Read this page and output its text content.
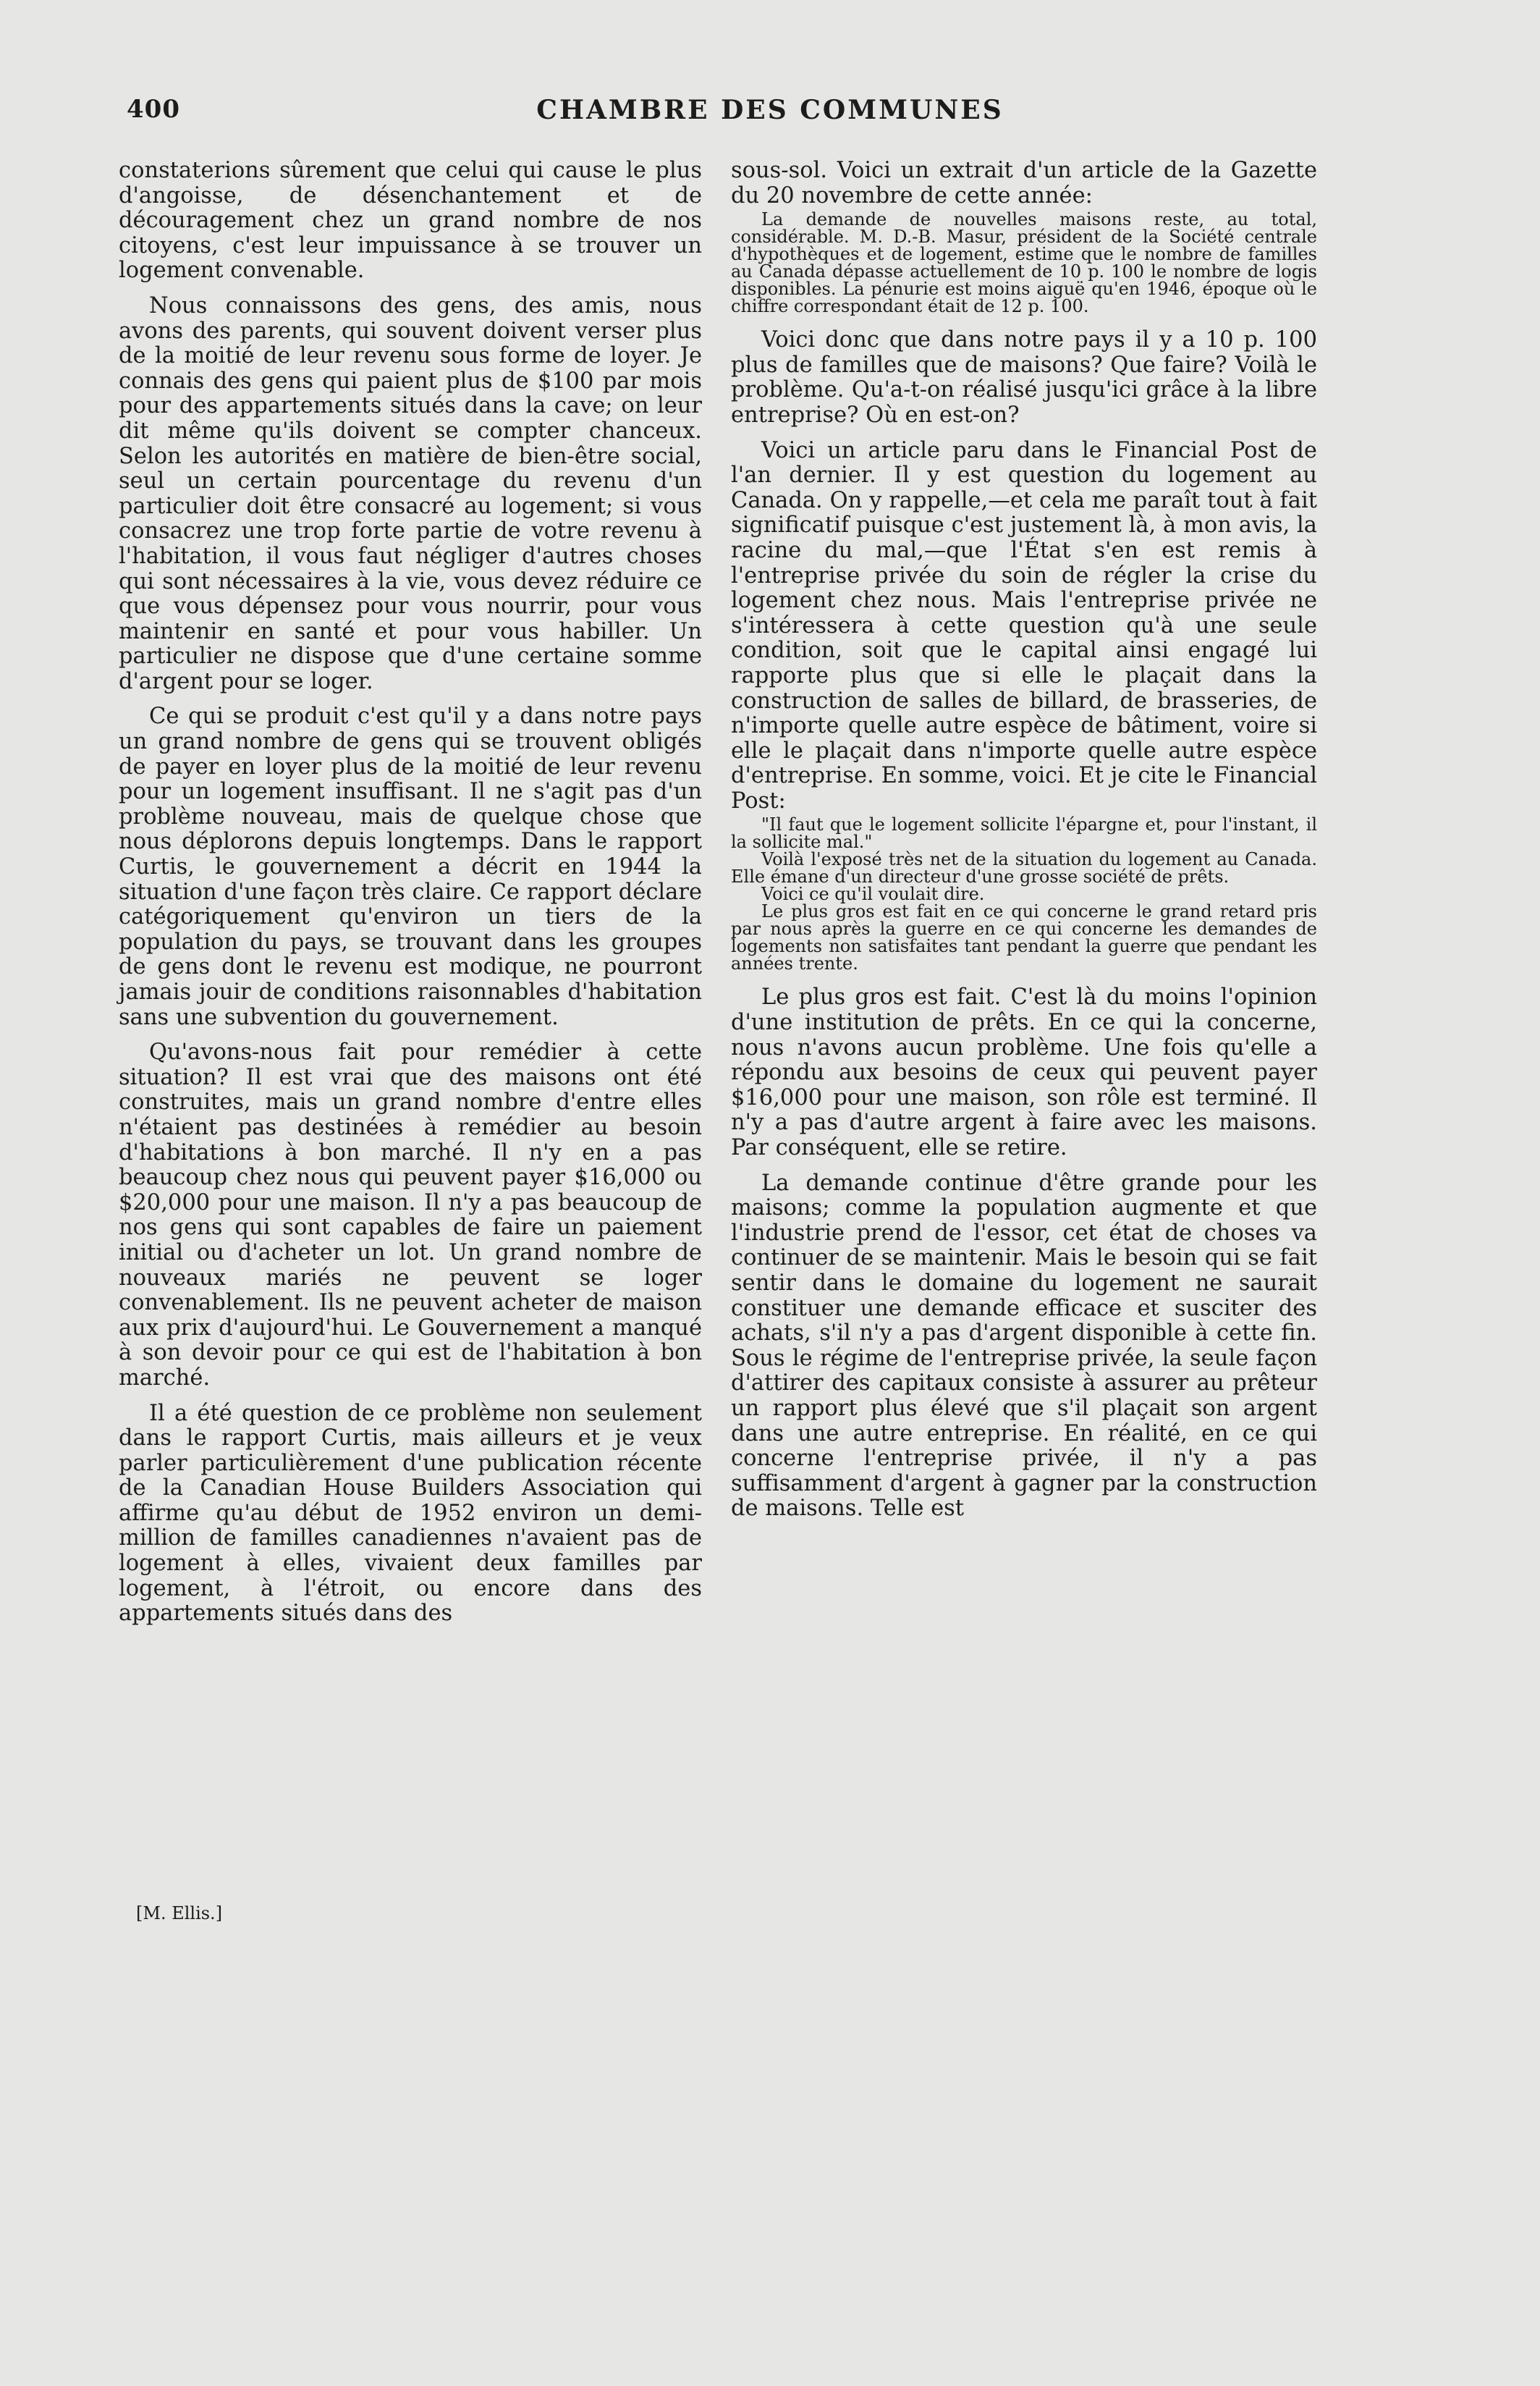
400	CHAMBRE DES COMMUNES

constaterions sûrement que celui qui cause le plus d'angoisse, de désenchantement et de découragement chez un grand nombre de nos citoyens, c'est leur impuissance à se trouver un logement convenable.

Nous connaissons des gens, des amis, nous avons des parents, qui souvent doivent verser plus de la moitié de leur revenu sous forme de loyer. Je connais des gens qui paient plus de $100 par mois pour des appartements situés dans la cave; on leur dit même qu'ils doivent se compter chanceux. Selon les autorités en matière de bien-être social, seul un certain pourcentage du revenu d'un particulier doit être consacré au logement; si vous consacrez une trop forte partie de votre revenu à l'habitation, il vous faut négliger d'autres choses qui sont nécessaires à la vie, vous devez réduire ce que vous dépensez pour vous nourrir, pour vous maintenir en santé et pour vous habiller. Un particulier ne dispose que d'une certaine somme d'argent pour se loger.

Ce qui se produit c'est qu'il y a dans notre pays un grand nombre de gens qui se trouvent obligés de payer en loyer plus de la moitié de leur revenu pour un logement insuffisant. Il ne s'agit pas d'un problème nouveau, mais de quelque chose que nous déplorons depuis longtemps. Dans le rapport Curtis, le gouvernement a décrit en 1944 la situation d'une façon très claire. Ce rapport déclare catégoriquement qu'environ un tiers de la population du pays, se trouvant dans les groupes de gens dont le revenu est modique, ne pourront jamais jouir de conditions raisonnables d'habitation sans une subvention du gouvernement.

Qu'avons-nous fait pour remédier à cette situation? Il est vrai que des maisons ont été construites, mais un grand nombre d'entre elles n'étaient pas destinées à remédier au besoin d'habitations à bon marché. Il n'y en a pas beaucoup chez nous qui peuvent payer $16,000 ou $20,000 pour une maison. Il n'y a pas beaucoup de nos gens qui sont capables de faire un paiement initial ou d'acheter un lot. Un grand nombre de nouveaux mariés ne peuvent se loger convenablement. Ils ne peuvent acheter de maison aux prix d'aujourd'hui. Le Gouvernement a manqué à son devoir pour ce qui est de l'habitation à bon marché.

Il a été question de ce problème non seulement dans le rapport Curtis, mais ailleurs et je veux parler particulièrement d'une publication récente de la Canadian House Builders Association qui affirme qu'au début de 1952 environ un demi-million de familles canadiennes n'avaient pas de logement à elles, vivaient deux familles par logement, à l'étroit, ou encore dans des appartements situés dans des

[M. Ellis.]

sous-sol. Voici un extrait d'un article de la Gazette du 20 novembre de cette année:

La demande de nouvelles maisons reste, au total, considérable. M. D.-B. Masur, président de la Société centrale d'hypothèques et de logement, estime que le nombre de familles au Canada dépasse actuellement de 10 p. 100 le nombre de logis disponibles. La pénurie est moins aiguë qu'en 1946, époque où le chiffre correspondant était de 12 p. 100.

Voici donc que dans notre pays il y a 10 p. 100 plus de familles que de maisons? Que faire? Voilà le problème. Qu'a-t-on réalisé jusqu'ici grâce à la libre entreprise? Où en est-on?

Voici un article paru dans le Financial Post de l'an dernier. Il y est question du logement au Canada. On y rappelle,—et cela me paraît tout à fait significatif puisque c'est justement là, à mon avis, la racine du mal,—que l'État s'en est remis à l'entreprise privée du soin de régler la crise du logement chez nous. Mais l'entreprise privée ne s'intéressera à cette question qu'à une seule condition, soit que le capital ainsi engagé lui rapporte plus que si elle le plaçait dans la construction de salles de billard, de brasseries, de n'importe quelle autre espèce de bâtiment, voire si elle le plaçait dans n'importe quelle autre espèce d'entreprise. En somme, voici. Et je cite le Financial Post:

"Il faut que le logement sollicite l'épargne et, pour l'instant, il la sollicite mal."

Voilà l'exposé très net de la situation du logement au Canada. Elle émane d'un directeur d'une grosse société de prêts.

Voici ce qu'il voulait dire.

Le plus gros est fait en ce qui concerne le grand retard pris par nous après la guerre en ce qui concerne les demandes de logements non satisfaites tant pendant la guerre que pendant les années trente.

Le plus gros est fait. C'est là du moins l'opinion d'une institution de prêts. En ce qui la concerne, nous n'avons aucun problème. Une fois qu'elle a répondu aux besoins de ceux qui peuvent payer $16,000 pour une maison, son rôle est terminé. Il n'y a pas d'autre argent à faire avec les maisons. Par conséquent, elle se retire.

La demande continue d'être grande pour les maisons; comme la population augmente et que l'industrie prend de l'essor, cet état de choses va continuer de se maintenir. Mais le besoin qui se fait sentir dans le domaine du logement ne saurait constituer une demande efficace et susciter des achats, s'il n'y a pas d'argent disponible à cette fin. Sous le régime de l'entreprise privée, la seule façon d'attirer des capitaux consiste à assurer au prêteur un rapport plus élevé que s'il plaçait son argent dans une autre entreprise. En réalité, en ce qui concerne l'entreprise privée, il n'y a pas suffisamment d'argent à gagner par la construction de maisons. Telle est
